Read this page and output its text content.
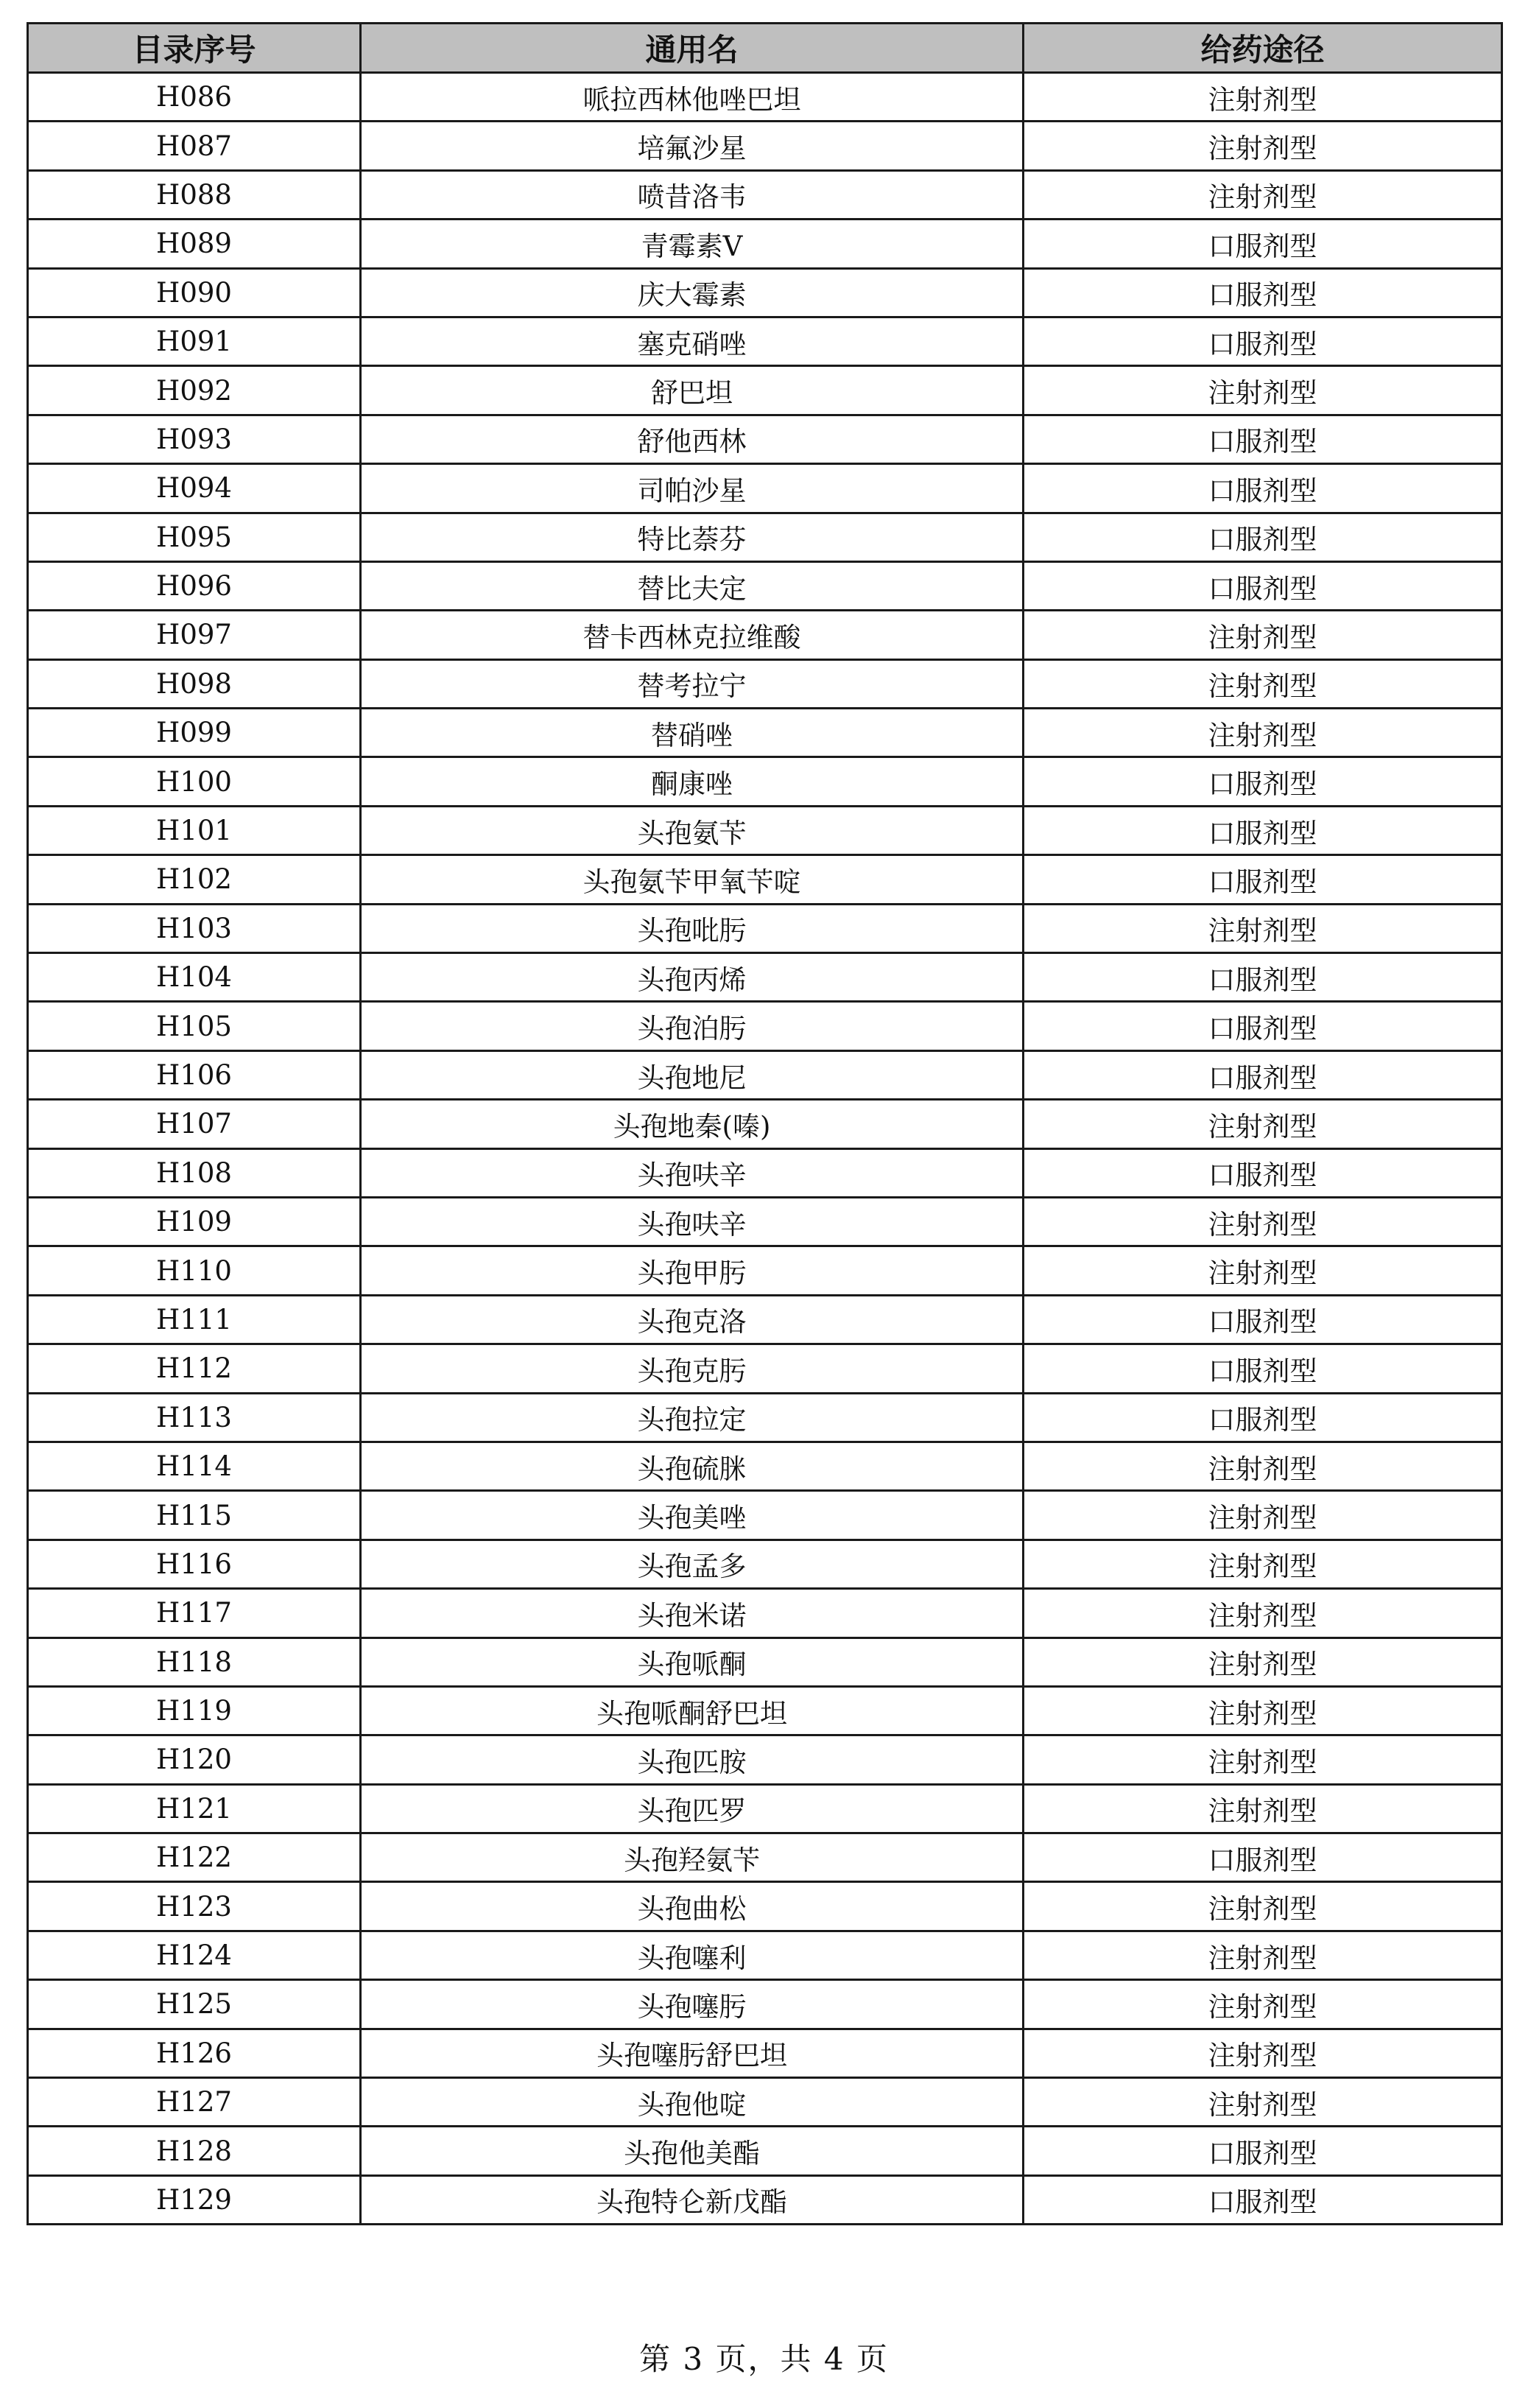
目录序号	通用名	给药途径
H086	哌拉西林他唑巴坦	注射剂型
H087	培氟沙星	注射剂型
H088	喷昔洛韦	注射剂型
H089	青霉素V	口服剂型
H090	庆大霉素	口服剂型
H091	塞克硝唑	口服剂型
H092	舒巴坦	注射剂型
H093	舒他西林	口服剂型
H094	司帕沙星	口服剂型
H095	特比萘芬	口服剂型
H096	替比夫定	口服剂型
H097	替卡西林克拉维酸	注射剂型
H098	替考拉宁	注射剂型
H099	替硝唑	注射剂型
H100	酮康唑	口服剂型
H101	头孢氨苄	口服剂型
H102	头孢氨苄甲氧苄啶	口服剂型
H103	头孢吡肟	注射剂型
H104	头孢丙烯	口服剂型
H105	头孢泊肟	口服剂型
H106	头孢地尼	口服剂型
H107	头孢地秦(嗪)	注射剂型
H108	头孢呋辛	口服剂型
H109	头孢呋辛	注射剂型
H110	头孢甲肟	注射剂型
H111	头孢克洛	口服剂型
H112	头孢克肟	口服剂型
H113	头孢拉定	口服剂型
H114	头孢硫脒	注射剂型
H115	头孢美唑	注射剂型
H116	头孢孟多	注射剂型
H117	头孢米诺	注射剂型
H118	头孢哌酮	注射剂型
H119	头孢哌酮舒巴坦	注射剂型
H120	头孢匹胺	注射剂型
H121	头孢匹罗	注射剂型
H122	头孢羟氨苄	口服剂型
H123	头孢曲松	注射剂型
H124	头孢噻利	注射剂型
H125	头孢噻肟	注射剂型
H126	头孢噻肟舒巴坦	注射剂型
H127	头孢他啶	注射剂型
H128	头孢他美酯	口服剂型
H129	头孢特仑新戊酯	口服剂型
第 3 页，共 4 页
